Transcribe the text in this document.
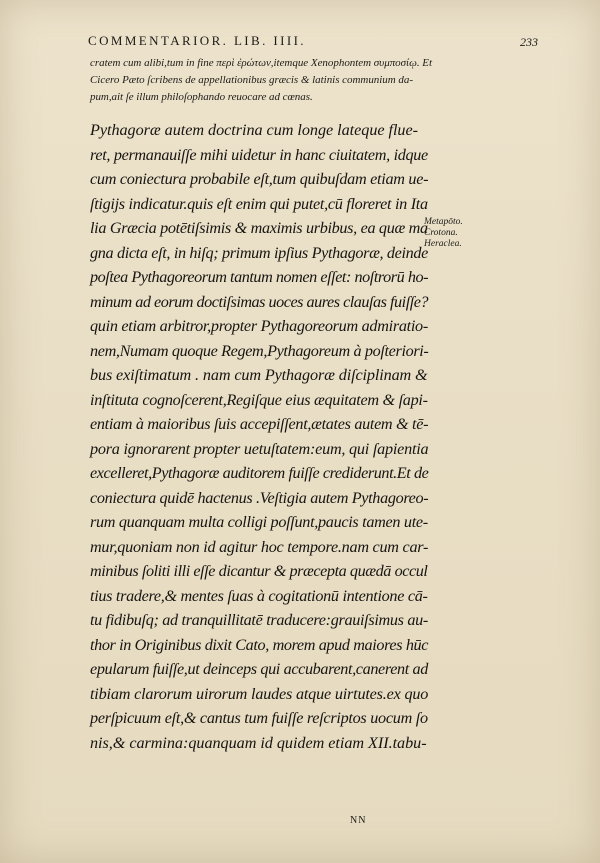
COMMENTARIOR. LIB. IIII.	233
cratem cum alibi,tum in fine περὶ ἐρώτων,itemque Xenophontem συμποσίῳ. Et
Cicero Pæto ſcribens de appellationibus græcis & latinis communium da-
pum,ait ſe illum philoſophando reuocare ad cœnas.
Pythagoræ autem doctrina cum longe lateque flue-
ret, permanauiſſe mihi uidetur in hanc ciuitatem, idque
cum coniectura probabile eſt,tum quibuſdam etiam ue-
ſtigijs indicatur.quis eſt enim qui putet,cū floreret in Ita
lia Græcia potētiſsimis & maximis urbibus, ea quæ ma
gna dicta eſt, in hiſq; primum ipſius Pythagoræ, deinde
poſtea Pythagoreorum tantum nomen eſſet: noſtrorū ho-
minum ad eorum doctiſsimas uoces aures clauſas fuiſſe?
quin etiam arbitror,propter Pythagoreorum admiratio-
nem,Numam quoque Regem,Pythagoreum à poſteriori-
bus exiſtimatum . nam cum Pythagoræ diſciplinam &
inſtituta cognoſcerent,Regiſque eius æquitatem & ſapi-
entiam à maioribus ſuis accepiſſent,ætates autem & tē-
pora ignorarent propter uetuſtatem:eum, qui ſapientia
excelleret,Pythagoræ auditorem fuiſſe crediderunt.Et de
coniectura quidē hactenus .Veſtigia autem Pythagoreo-
rum quanquam multa colligi poſſunt,paucis tamen ute-
mur,quoniam non id agitur hoc tempore.nam cum car-
minibus ſoliti illi eſſe dicantur & præcepta quædā occul
tius tradere,& mentes ſuas à cogitationū intentione cā-
tu fidibuſq; ad tranquillitatē traducere:grauiſsimus au-
thor in Originibus dixit Cato, morem apud maiores hūc
epularum fuiſſe,ut deinceps qui accubarent,canerent ad
tibiam clarorum uirorum laudes atque uirtutes.ex quo
perſpicuum eſt,& cantus tum fuiſſe reſcriptos uocum ſo
nis,& carmina:quanquam id quidem etiam XII.tabu-
Metapōto.
Crotona.
Heraclea.
NN
